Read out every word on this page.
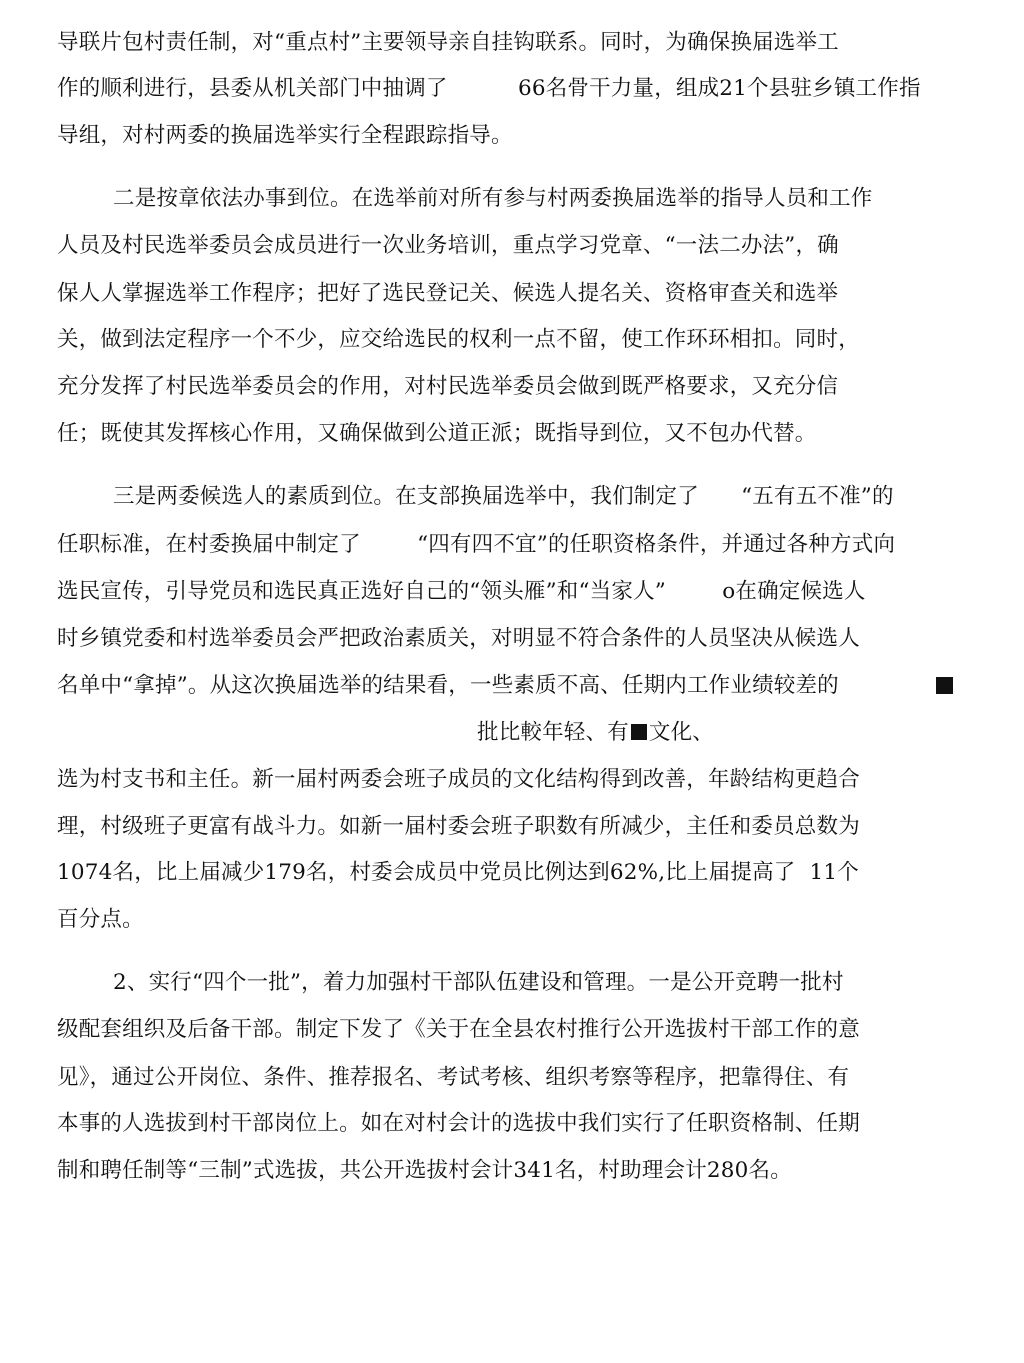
导联片包村责任制，对“重点村”主要领导亲自挂钩联系。同时，为确保换届选举工
作的顺利进行，县委从机关部门中抽调了          66名骨干力量，组成21个县驻乡镇工作指
导组，对村两委的换届选举实行全程跟踪指导。
二是按章依法办事到位。在选举前对所有参与村两委换届选举的指导人员和工作
人员及村民选举委员会成员进行一次业务培训，重点学习党章、“一法二办法”，确
保人人掌握选举工作程序；把好了选民登记关、候选人提名关、资格审查关和选举
关，做到法定程序一个不少，应交给选民的权利一点不留，使工作环环相扣。同时，
充分发挥了村民选举委员会的作用，对村民选举委员会做到既严格要求，又充分信
任；既使其发挥核心作用，又确保做到公道正派；既指导到位，又不包办代替。
三是两委候选人的素质到位。在支部换届选举中，我们制定了      “五有五不准”的
任职标准，在村委换届中制定了        “四有四不宜”的任职资格条件，并通过各种方式向
选民宣传，引导党员和选民真正选好自己的“领头雁”和“当家人”        o在确定候选人
时乡镇党委和村选举委员会严把政治素质关，对明显不符合条件的人员坚决从候选人
名单中“拿掉”。从这次换届选举的结果看，一些素质不高、任期内工作业绩较差的
批比較年轻、有 文化、
选为村支书和主任。新一届村两委会班子成员的文化结构得到改善，年龄结构更趋合
理，村级班子更富有战斗力。如新一届村委会班子职数有所减少，主任和委员总数为
1074名，比上届减少179名，村委会成员中党员比例达到62%,比上届提高了  11个
百分点。
2、实行“四个一批”，着力加强村干部队伍建设和管理。一是公开竞聘一批村
级配套组织及后备干部。制定下发了《关于在全县农村推行公开选拔村干部工作的意
见》，通过公开岗位、条件、推荐报名、考试考核、组织考察等程序，把靠得住、有
本事的人选拔到村干部岗位上。如在对村会计的选拔中我们实行了任职资格制、任期
制和聘任制等“三制”式选拔，共公开选拔村会计341名，村助理会计280名。
